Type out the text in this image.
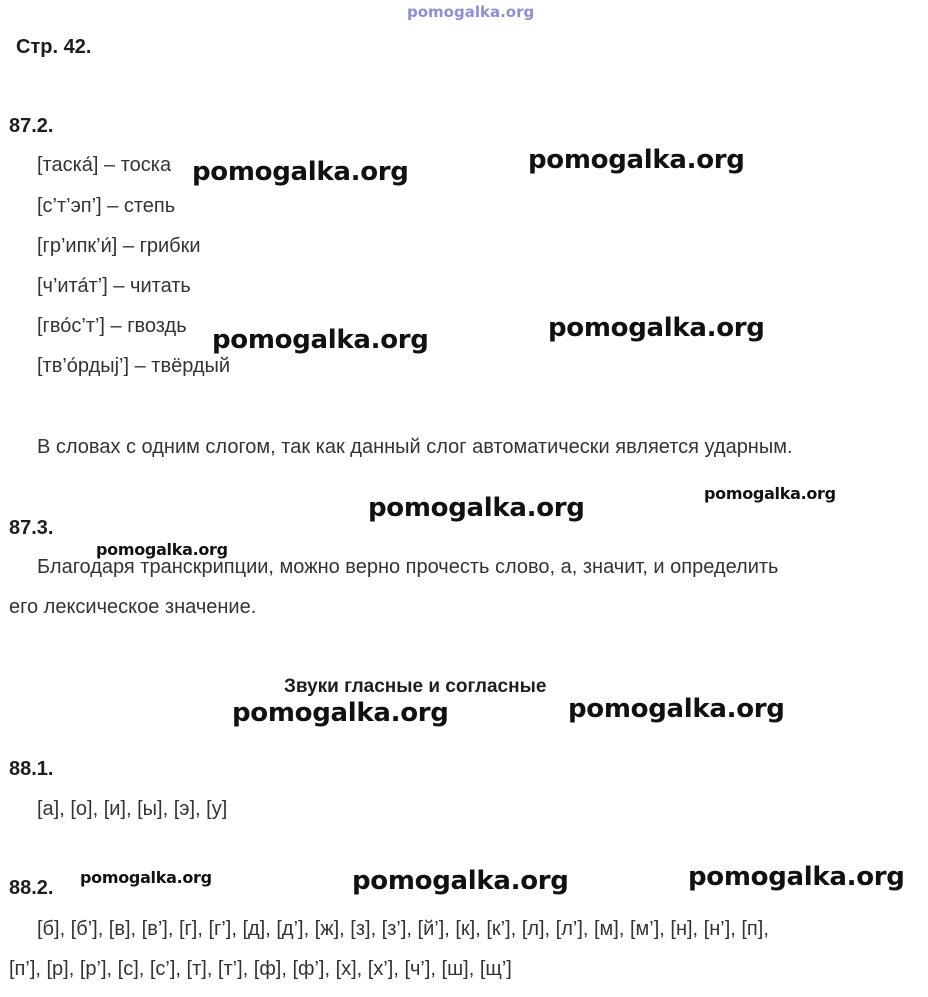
pomogalka.org
Стр. 42.
87.2.
[таска́] – тоска
[с’т’эп’] – степь
[гр’ипк’и́] – грибки
[ч’ита́т’] – читать
[гво́с’т’] – гвоздь
[тв’о́рдыj’] – твёрдый
В словах с одним слогом, так как данный слог автоматически является ударным.
87.3.
Благодаря транскрипции, можно верно прочесть слово, а, значит, и определить
его лексическое значение.
Звуки гласные и согласные
88.1.
[а], [о], [и], [ы], [э], [у]
88.2.
[б], [б’], [в], [в’], [г], [г’], [д], [д’], [ж], [з], [з’], [й’], [к], [к’], [л], [л’], [м], [м’], [н], [н’], [п],
[п’], [р], [р’], [с], [с’], [т], [т’], [ф], [ф’], [х], [х’], [ч’], [ш], [щ’]
pomogalka.org	pomogalka.org
pomogalka.org	pomogalka.org
pomogalka.org	pomogalka.org
pomogalka.org
pomogalka.org	pomogalka.org
pomogalka.org	pomogalka.org	pomogalka.org
